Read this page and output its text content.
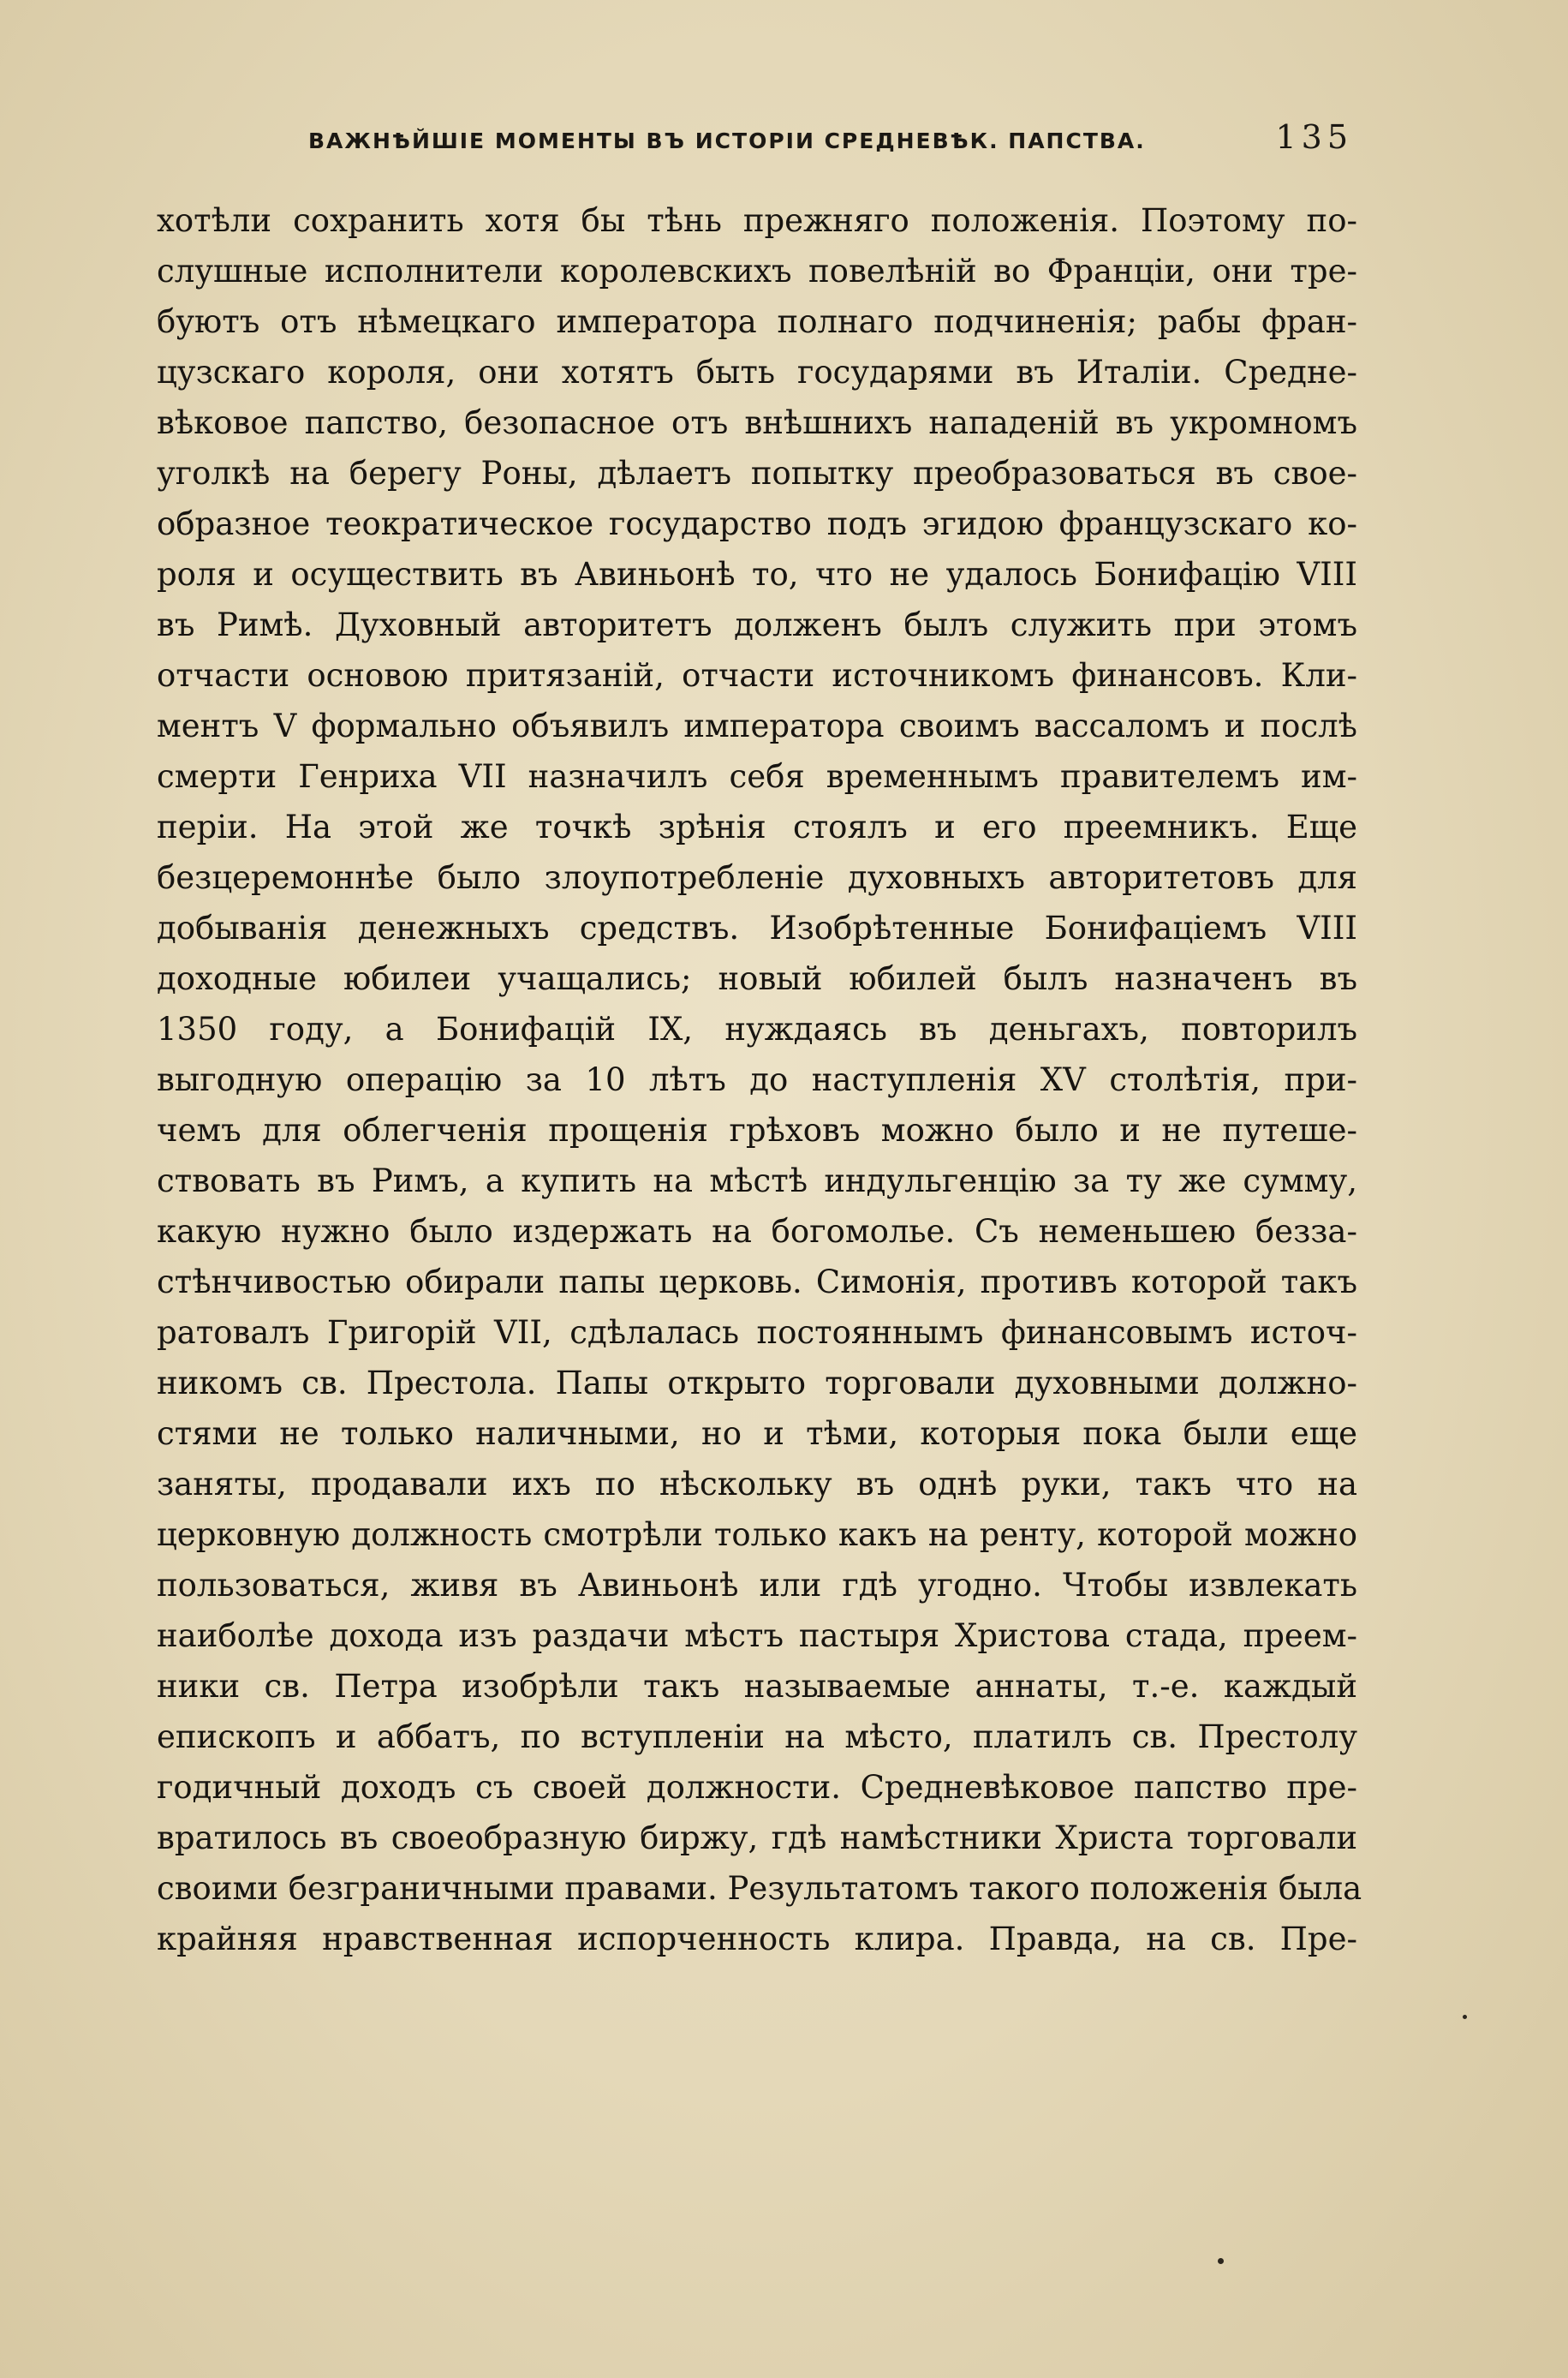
ВАЖНѢЙШІЕ МОМЕНТЫ ВЪ ИСТОРІИ СРЕДНЕВѢК. ПАПСТВА.	135
хотѣли сохранить хотя бы тѣнь прежняго положенія. Поэтому по-
слушные исполнители королевскихъ повелѣній во Франціи, они тре-
буютъ отъ нѣмецкаго императора полнаго подчиненія; рабы фран-
цузскаго короля, они хотятъ быть государями въ Италіи. Средне-
вѣковое папство, безопасное отъ внѣшнихъ нападеній въ укромномъ
уголкѣ на берегу Роны, дѣлаетъ попытку преобразоваться въ свое-
образное теократическое государство подъ эгидою французскаго ко-
роля и осуществить въ Авиньонѣ то, что не удалось Бонифацію VIII
въ Римѣ. Духовный авторитетъ долженъ былъ служить при этомъ
отчасти основою притязаній, отчасти источникомъ финансовъ. Кли-
ментъ V формально объявилъ императора своимъ вассаломъ и послѣ
смерти Генриха VII назначилъ себя временнымъ правителемъ им-
періи. На этой же точкѣ зрѣнія стоялъ и его преемникъ. Еще
безцеремоннѣе было злоупотребленіе духовныхъ авторитетовъ для
добыванія денежныхъ средствъ. Изобрѣтенные Бонифаціемъ VIII
доходные юбилеи учащались; новый юбилей былъ назначенъ въ
1350 году, а Бонифацій IX, нуждаясь въ деньгахъ, повторилъ
выгодную операцію за 10 лѣтъ до наступленія XV столѣтія, при-
чемъ для облегченія прощенія грѣховъ можно было и не путеше-
ствовать въ Римъ, а купить на мѣстѣ индульгенцію за ту же сумму,
какую нужно было издержать на богомолье. Съ неменьшею безза-
стѣнчивостью обирали папы церковь. Симонія, противъ которой такъ
ратовалъ Григорій VII, сдѣлалась постояннымъ финансовымъ источ-
никомъ св. Престола. Папы открыто торговали духовными должно-
стями не только наличными, но и тѣми, которыя пока были еще
заняты, продавали ихъ по нѣскольку въ однѣ руки, такъ что на
церковную должность смотрѣли только какъ на ренту, которой можно
пользоваться, живя въ Авиньонѣ или гдѣ угодно. Чтобы извлекать
наиболѣе дохода изъ раздачи мѣстъ пастыря Христова стада, преем-
ники св. Петра изобрѣли такъ называемые аннаты, т.-е. каждый
епископъ и аббатъ, по вступленіи на мѣсто, платилъ св. Престолу
годичный доходъ съ своей должности. Средневѣковое папство пре-
вратилось въ своеобразную биржу, гдѣ намѣстники Христа торговали
своими безграничными правами. Результатомъ такого положенія была
крайняя нравственная испорченность клира. Правда, на св. Пре-
